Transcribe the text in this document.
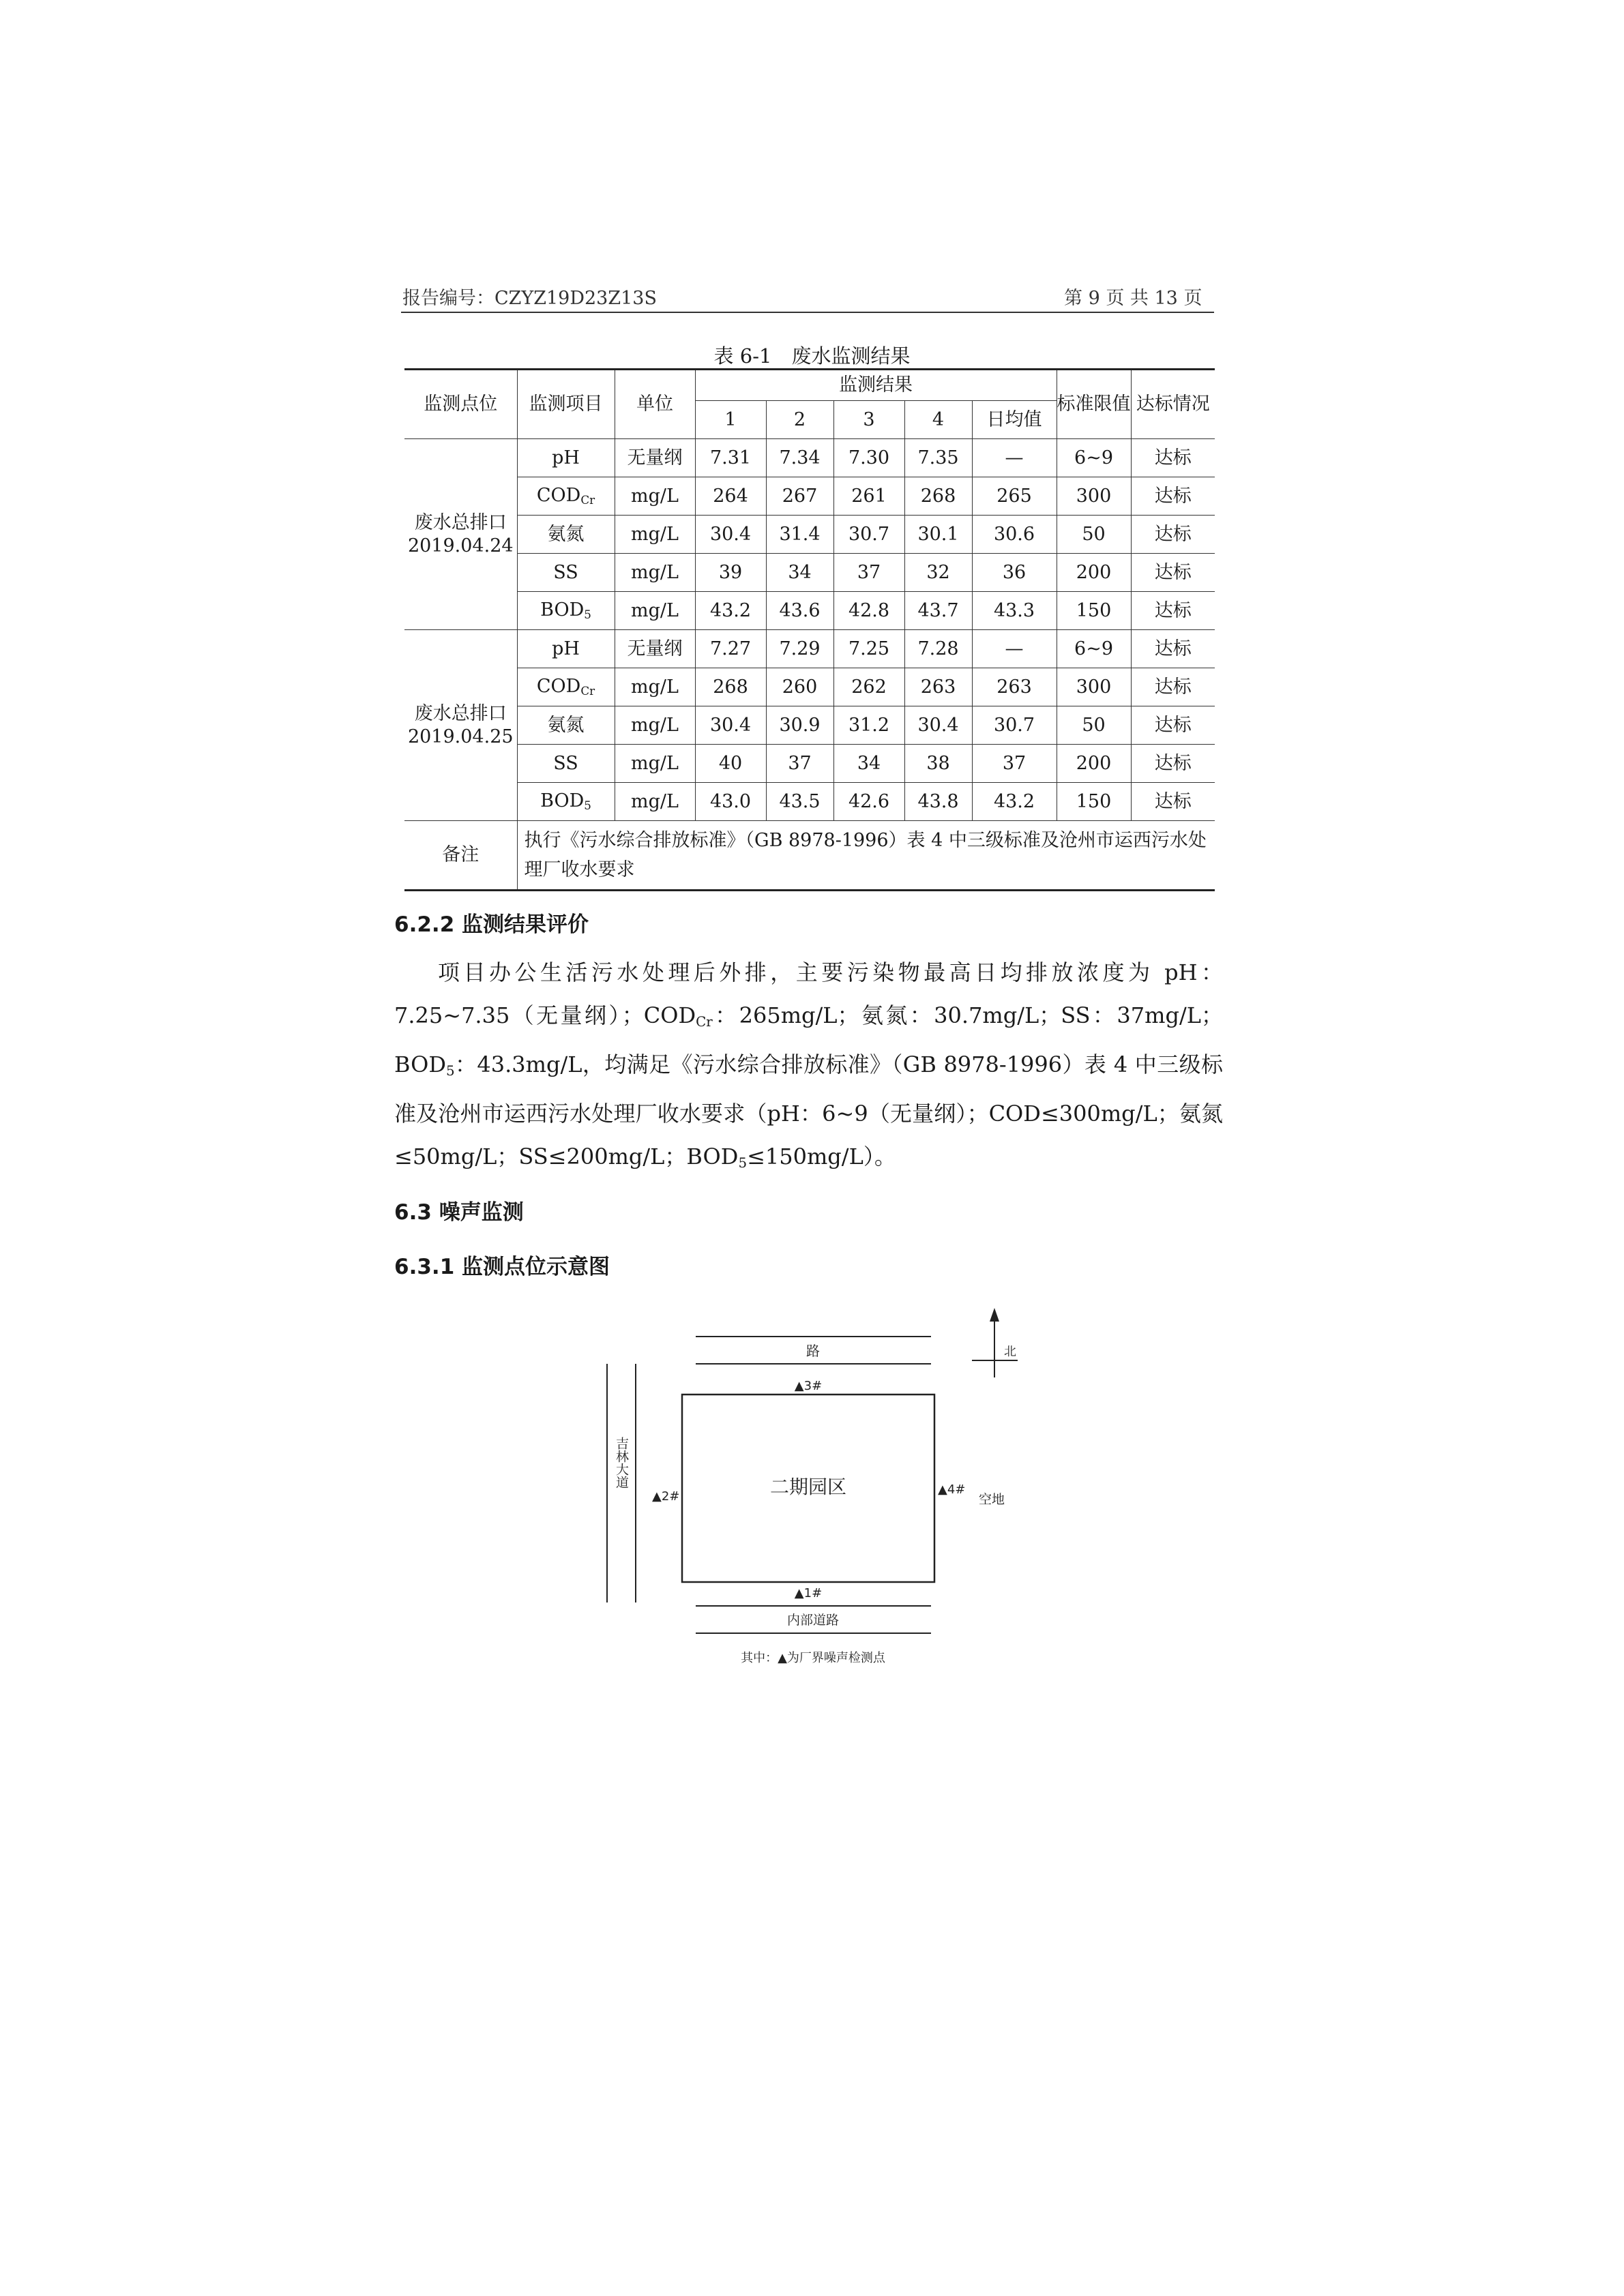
报告编号：CZYZ19D23Z13S	第 9 页 共 13 页
表 6-1　废水监测结果
监测点位	监测项目	单位	监测结果					标准限值	达标情况
			1	2	3	4	日均值		

废水总排口
2019.04.24	pH	无量纲	7.31	7.34	7.30	7.35	—	6~9	达标
	$COD_{Cr}$	mg/L	264	267	261	268	265	300	达标
	氨氮	mg/L	30.4	31.4	30.7	30.1	30.6	50	达标
	SS	mg/L	39	34	37	32	36	200	达标
	$BOD_5$	mg/L	43.2	43.6	42.8	43.7	43.3	150	达标

废水总排口
2019.04.25	pH	无量纲	7.27	7.29	7.25	7.28	—	6~9	达标
	$COD_{Cr}$	mg/L	268	260	262	263	263	300	达标
	氨氮	mg/L	30.4	30.9	31.2	30.4	30.7	50	达标
	SS	mg/L	40	37	34	38	37	200	达标
	$BOD_5$	mg/L	43.0	43.5	42.6	43.8	43.2	150	达标
备注	执行《污水综合排放标准》（GB 8978-1996）表 4 中三级标准及沧州市运西污水处理厂收水要求								
6.2.2 监测结果评价

项目办公生活污水处理后外排，主要污染物最高日均排放浓度为 pH：7.25~7.35（无量纲）；$COD_{Cr}$：265mg/L；氨氮：30.7mg/L；SS：37mg/L；$BOD_5$：43.3mg/L，均满足《污水综合排放标准》（GB 8978-1996）表 4 中三级标准及沧州市运西污水处理厂收水要求（pH：6~9（无量纲）；COD≤300mg/L；氨氮≤50mg/L；SS≤200mg/L；$BOD_5\le 150mg/L$）。

6.3 噪声监测
6.3.1 监测点位示意图
路
吉林大道	二期园区
▲3#
▲2#	▲4#
▲1#
空地
内部道路
北
其中：▲为厂界噪声检测点
